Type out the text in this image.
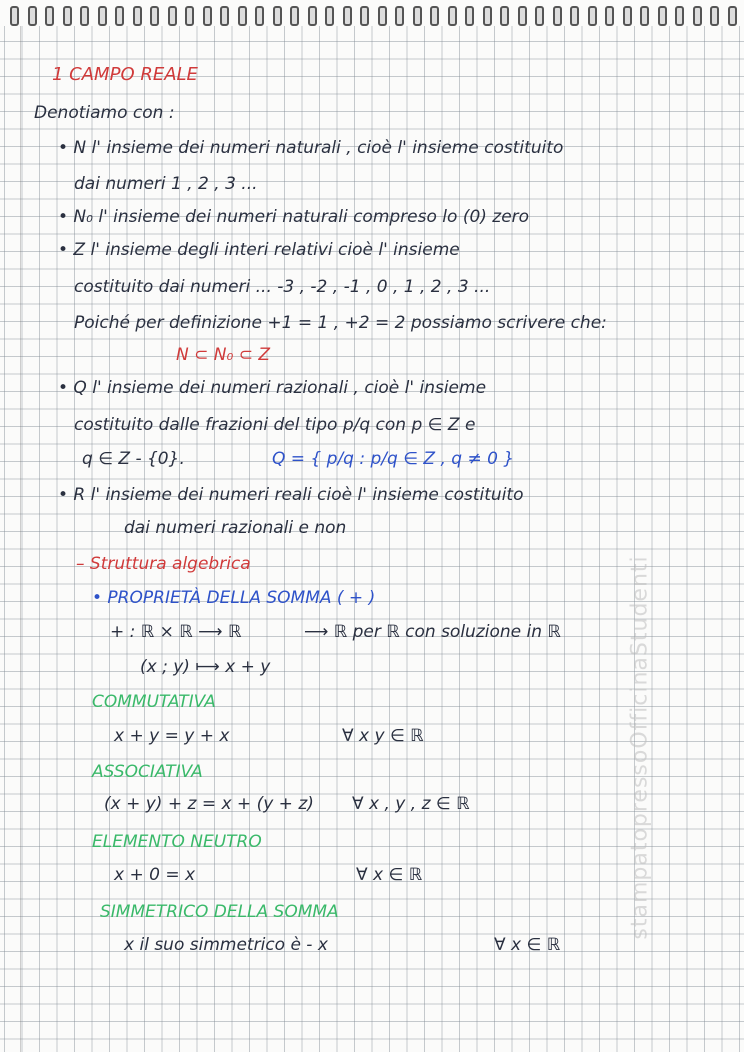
1 CAMPO REALE
Denotiamo con :
• N l' insieme dei numeri naturali , cioè l' insieme costituito
dai numeri 1 , 2 , 3 ...
• N₀ l' insieme dei numeri naturali compreso lo (0) zero
• Z l' insieme degli interi relativi cioè l' insieme
costituito dai numeri ... -3 , -2 , -1 , 0 , 1 , 2 , 3 ...
Poiché per definizione +1 = 1 , +2 = 2 possiamo scrivere che:
N ⊂ N₀ ⊂ Z
• Q l' insieme dei numeri razionali , cioè l' insieme
costituito dalle frazioni del tipo p/q con p ∈ Z e
q ∈ Z - {0}.	Q = { p/q : p/q ∈ Z , q ≠ 0 }
• R l' insieme dei numeri reali cioè l' insieme costituito
dai numeri razionali e non
– Struttura algebrica
• PROPRIETÀ DELLA SOMMA ( + )
+ : ℝ × ℝ ⟶ ℝ	⟶ ℝ per ℝ con soluzione in ℝ
(x ; y) ⟼ x + y
COMMUTATIVA
x + y = y + x	∀ x y ∈ ℝ
ASSOCIATIVA
(x + y) + z = x + (y + z) ∀ x , y , z ∈ ℝ
ELEMENTO NEUTRO
x + 0 = x	∀ x ∈ ℝ
SIMMETRICO DELLA SOMMA
x il suo simmetrico è - x	∀ x ∈ ℝ
stampatopressoOfficinaStudenti
